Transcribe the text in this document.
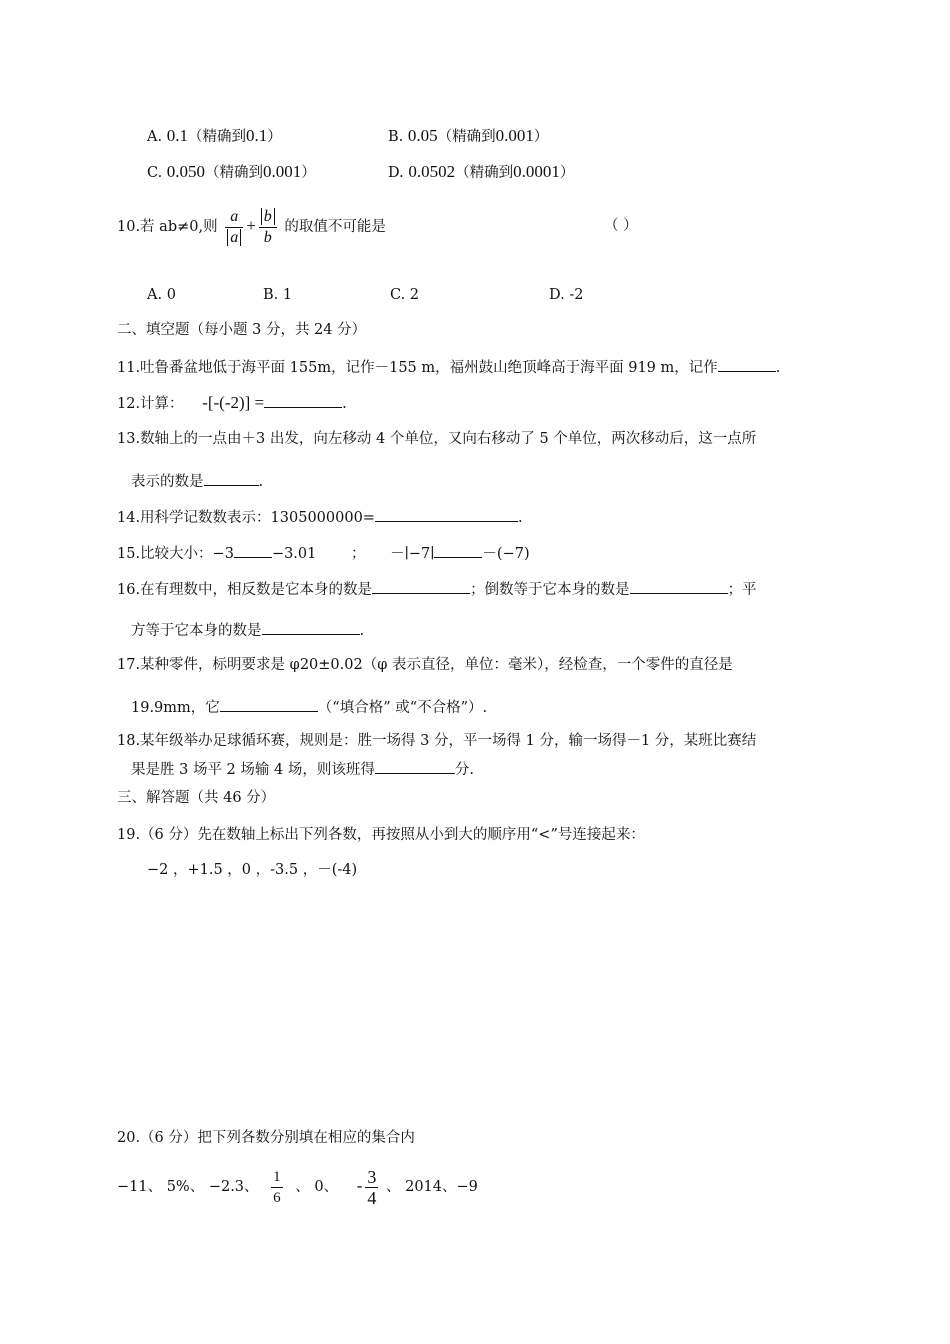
A. 0.1（精确到0.1）	B. 0.05（精确到0.001）
C. 0.050（精确到0.001）	D. 0.0502（精确到0.0001）
10.若 ab≠0,则 $\frac{a}{a} + \frac{b}{b}$ 的取值不可能是	（ ）
A. 0	B. 1	C. 2	D. -2
二、填空题（每小题 3 分，共 24 分）
11.吐鲁番盆地低于海平面 155m，记作－155 m，福州鼓山绝顶峰高于海平面 919 m，记作	.
12.计算： -[-(-2)] =	.
13.数轴上的一点由＋3 出发，向左移动 4 个单位，又向右移动了 5 个单位，两次移动后，这一点所
表示的数是	.
14.用科学记数数表示：1305000000=	.
15.比较大小：−3	−3.01 ； －∣−7∣	－(−7)
16.在有理数中，相反数是它本身的数是	；倒数等于它本身的数是	；平
方等于它本身的数是	.
17.某种零件，标明要求是 φ20±0.02（φ 表示直径，单位：毫米），经检查，一个零件的直径是
19.9mm，它	（“填合格” 或“不合格”）.
18.某年级举办足球循环赛，规则是：胜一场得 3 分，平一场得 1 分，输一场得－1 分，某班比赛结
果是胜 3 场平 2 场输 4 场，则该班得	分.
三、解答题（共 46 分）
19.（6 分）先在数轴上标出下列各数，再按照从小到大的顺序用“<”号连接起来：
−2 ，+1.5 ，0 ，-3.5 ，－(-4)
20.（6 分）把下列各数分别填在相应的集合内
−11、 5%、 −2.3、 $\frac{1}{6}$ 、 0、 - $\frac{3}{4}$ 、 2014、−9
